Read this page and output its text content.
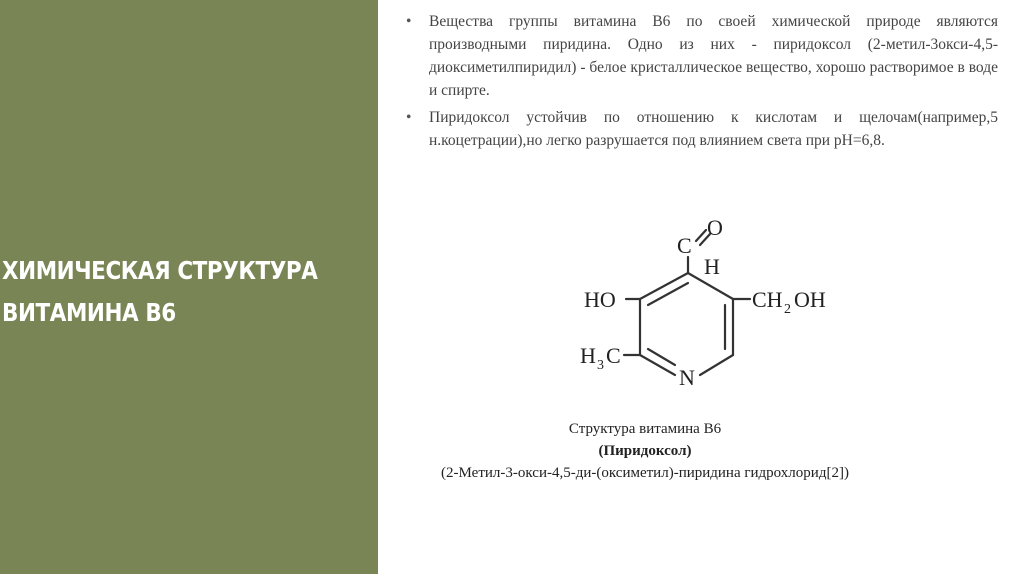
ХИМИЧЕСКАЯ СТРУКТУРА
ВИТАМИНА В6
• Вещества группы витамина В6 по своей химической природе являются производными пиридина. Одно из них - пиридоксол (2-метил-3окси-4,5-диоксиметилпиридил) - белое кристаллическое вещество, хорошо растворимое в воде и спирте.
• Пиридоксол устойчив по отношению к кислотам и щелочам(например,5 н.коцетрации),но легко разрушается под влиянием света при рН=6,8.
C
O
H
HO	CH 2 OH
H 3 C
N
Структура витамина В6
(Пиридоксол)
(2-Метил-3-окси-4,5-ди-(оксиметил)-пиридина гидрохлорид[2])
